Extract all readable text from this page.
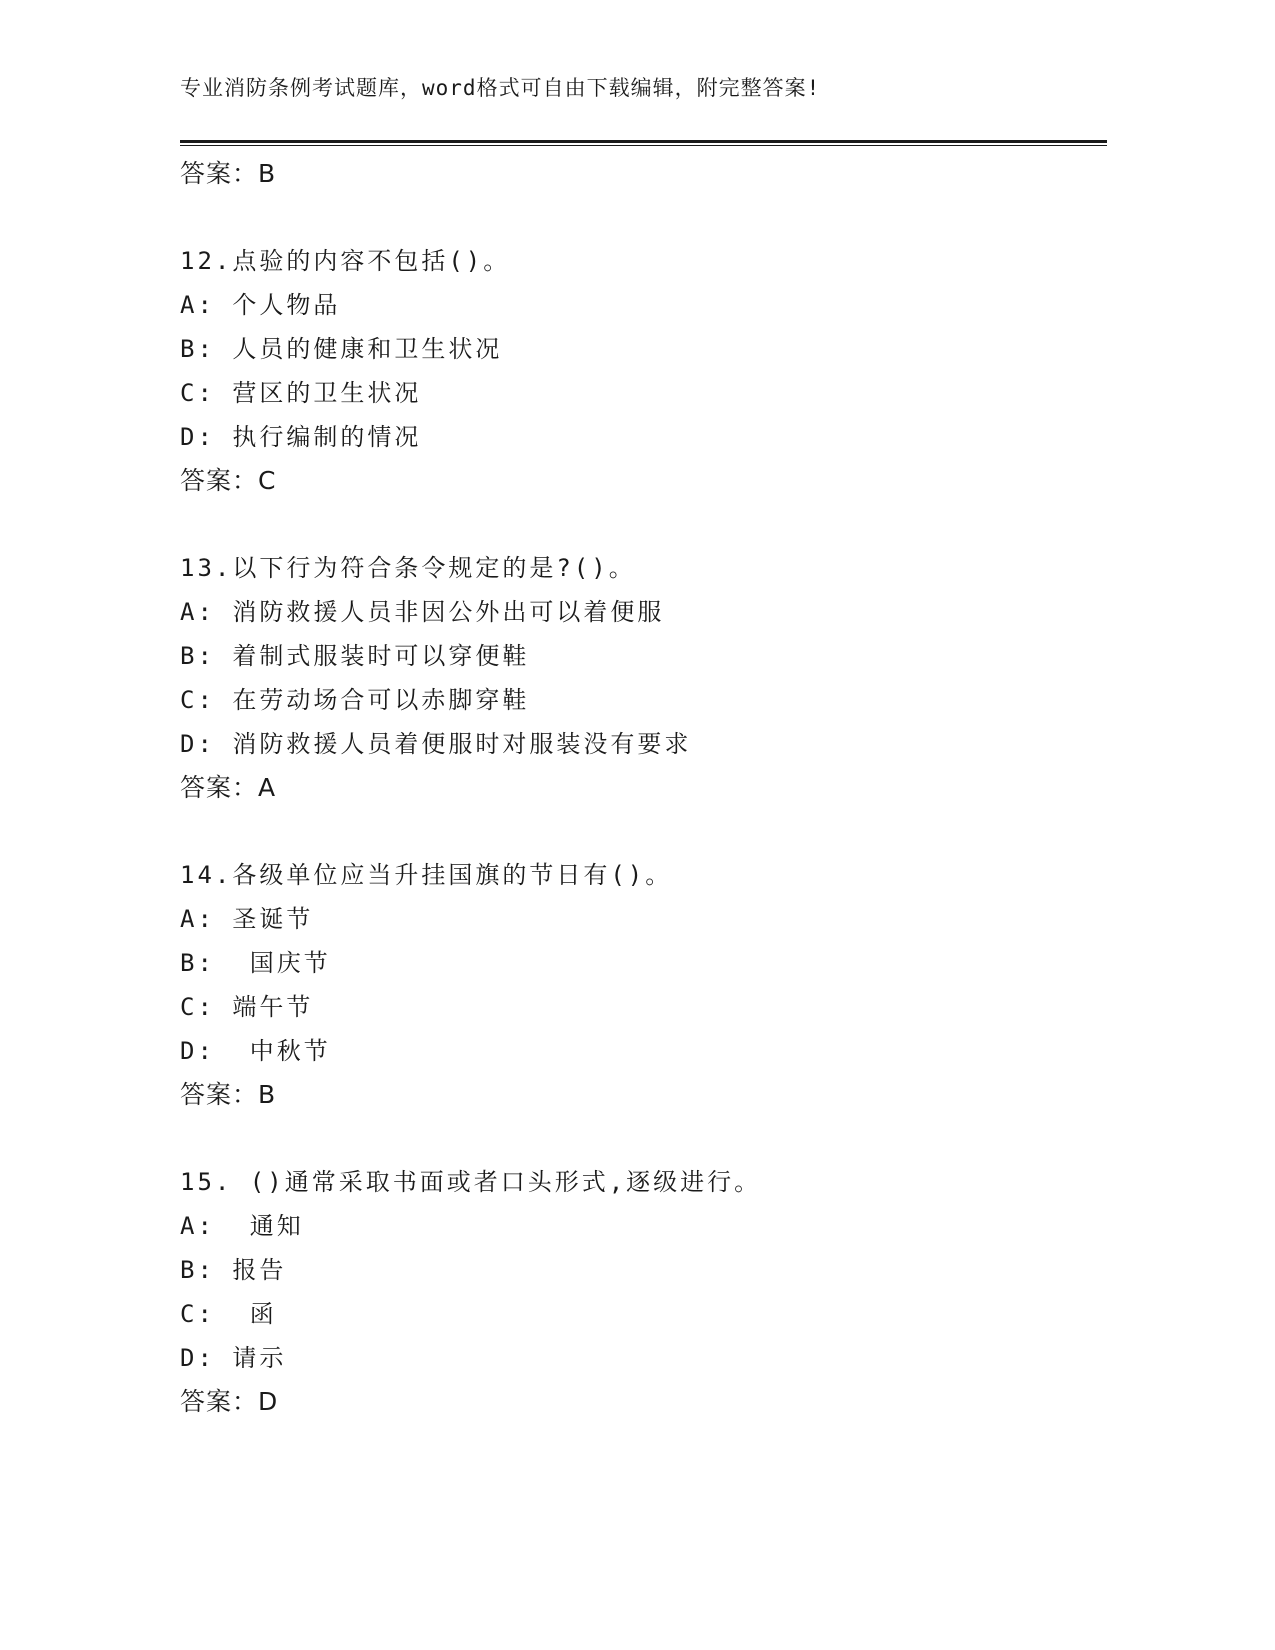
专业消防条例考试题库，word格式可自由下载编辑，附完整答案!
答案：B
12.点验的内容不包括()。
A: 个人物品
B: 人员的健康和卫生状况
C: 营区的卫生状况
D: 执行编制的情况
答案：C
13.以下行为符合条令规定的是?()。
A: 消防救援人员非因公外出可以着便服
B: 着制式服装时可以穿便鞋
C: 在劳动场合可以赤脚穿鞋
D: 消防救援人员着便服时对服装没有要求
答案：A
14.各级单位应当升挂国旗的节日有()。
A: 圣诞节
B:  国庆节
C: 端午节
D:  中秋节
答案：B
15. ()通常采取书面或者口头形式,逐级进行。
A:  通知
B: 报告
C:  函
D: 请示
答案：D
